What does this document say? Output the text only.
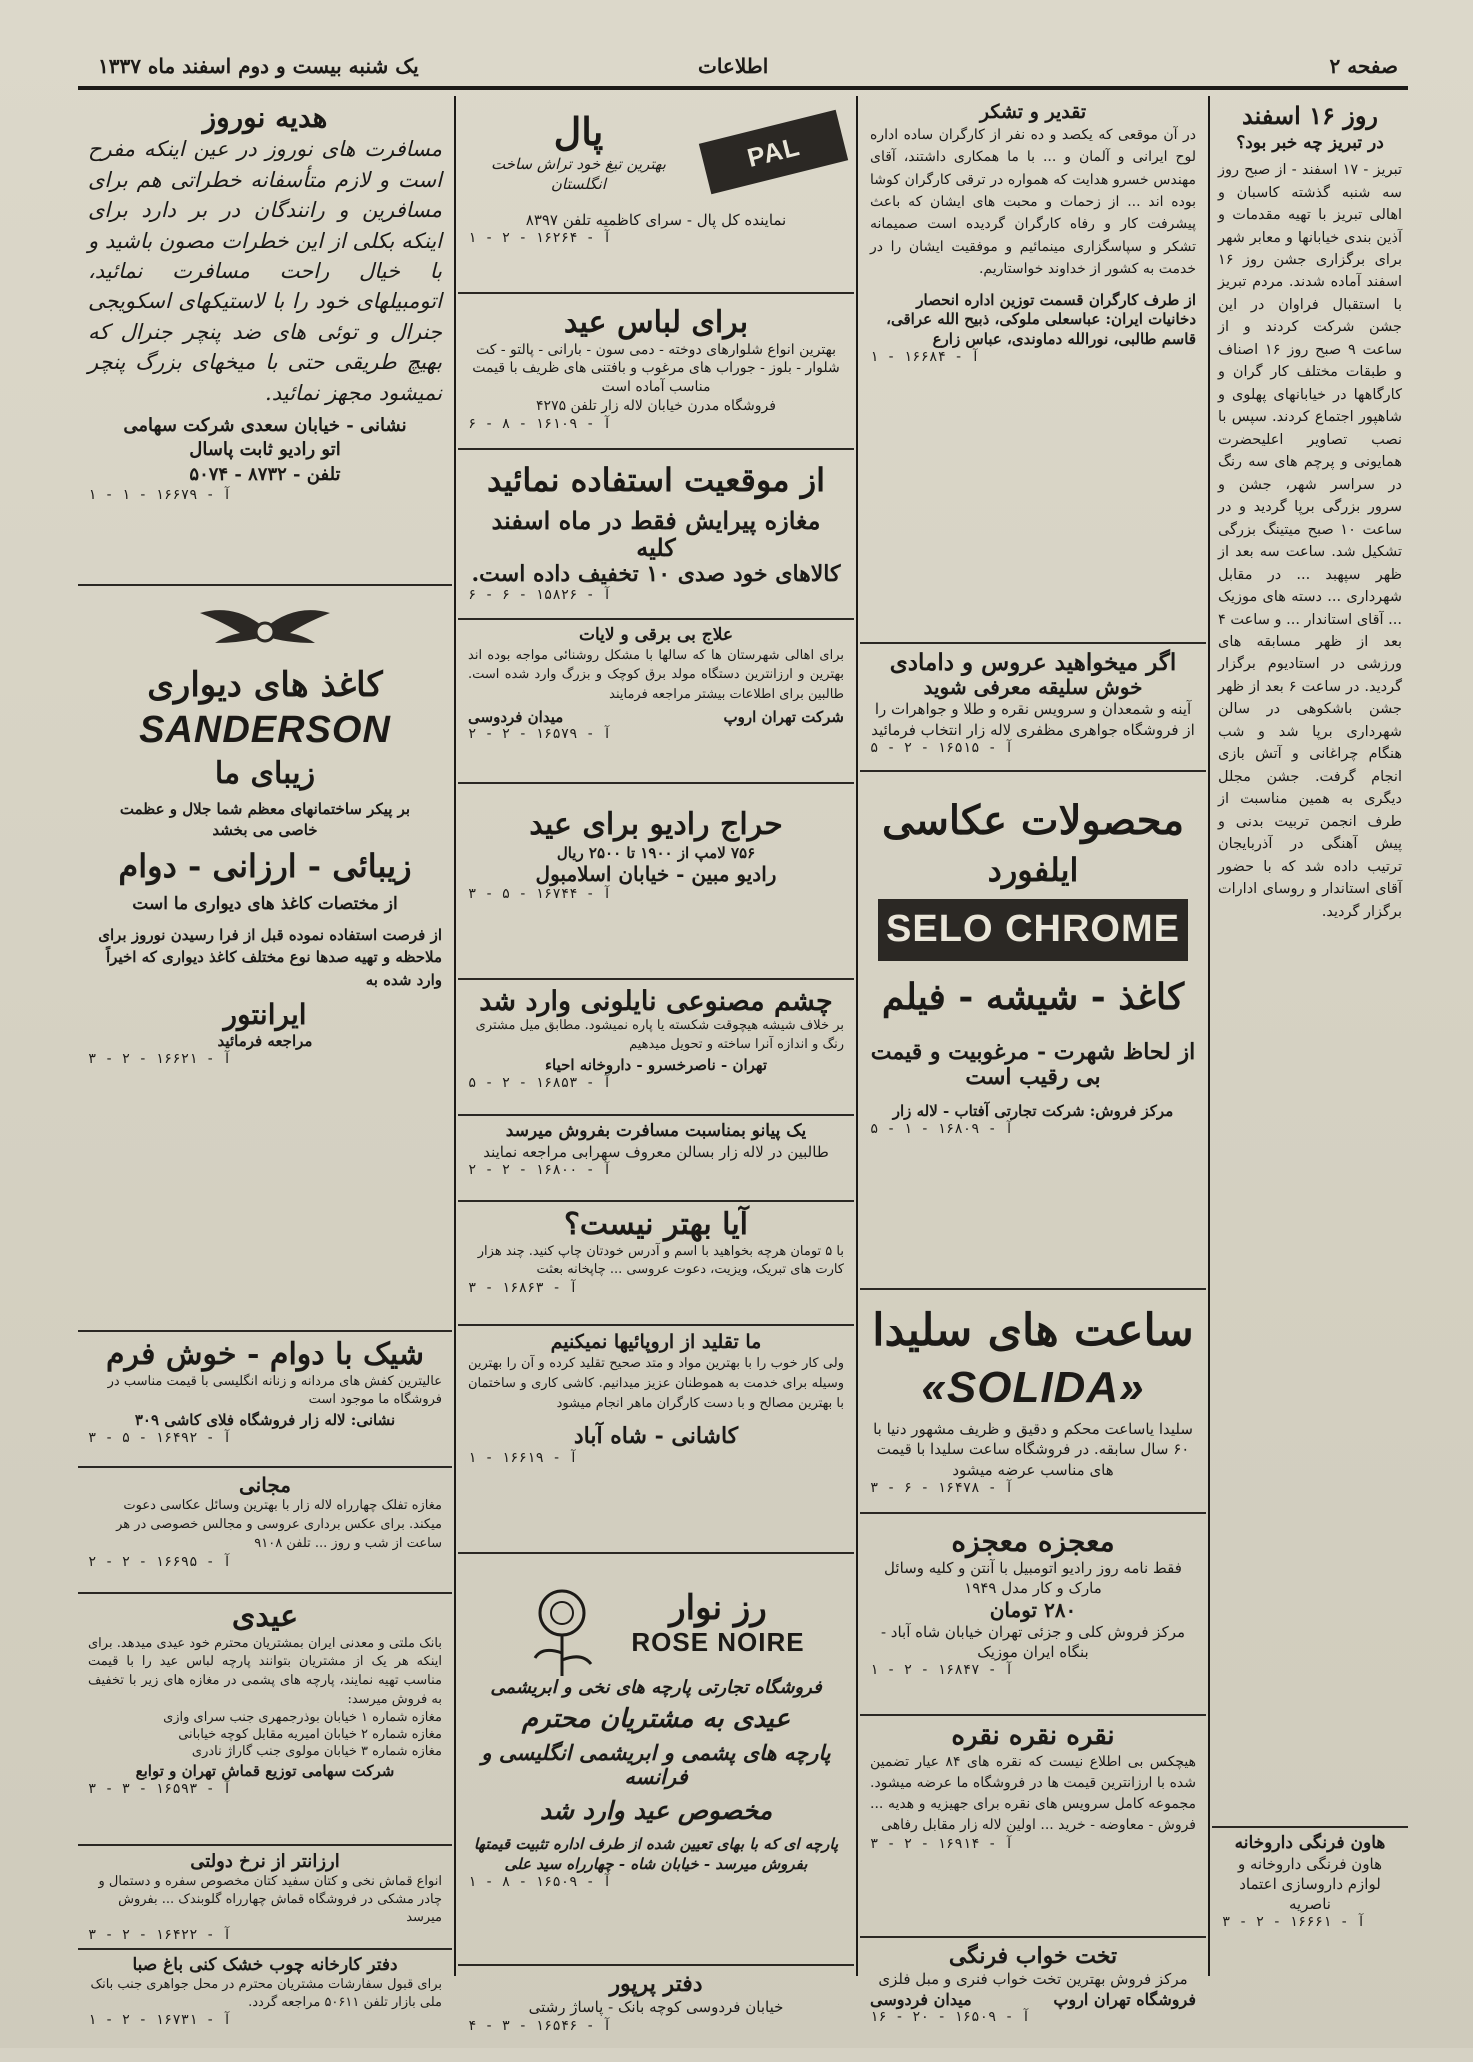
یک شنبه بیست و دوم اسفند ماه ۱۳۳۷	اطلاعات	صفحه ۲
روز ۱۶ اسفند
در تبریز چه خبر بود؟
تبریز - ۱۷ اسفند - از صبح روز سه شنبه گذشته کاسبان و اهالی تبریز با تهیه مقدمات و آذین بندی خیابانها و معابر شهر برای برگزاری جشن روز ۱۶ اسفند آماده شدند. مردم تبریز با استقبال فراوان در این جشن شرکت کردند و از ساعت ۹ صبح روز ۱۶ اصناف و طبقات مختلف کار گران و کارگاهها در خیابانهای پهلوی و شاهپور اجتماع کردند. سپس با نصب تصاویر اعلیحضرت همایونی و پرچم های سه رنگ در سراسر شهر، جشن و سرور بزرگی برپا گردید و در ساعت ۱۰ صبح میتینگ بزرگی تشکیل شد. ساعت سه بعد از ظهر سپهبد ... در مقابل شهرداری ... دسته های موزیک ... آقای استاندار ... و ساعت ۴ بعد از ظهر مسابقه های ورزشی در استادیوم برگزار گردید. در ساعت ۶ بعد از ظهر جشن باشکوهی در سالن شهرداری برپا شد و شب هنگام چراغانی و آتش بازی انجام گرفت. جشن مجلل دیگری به همین مناسبت از طرف انجمن تربیت بدنی و پیش آهنگی در آذربایجان ترتیب داده شد که با حضور آقای استاندار و روسای ادارات برگزار گردید.
هاون فرنگی داروخانه
هاون فرنگی داروخانه و لوازم داروسازی اعتماد ناصریه
آ - ۱۶۶۶۱ - ۲ - ۳
تقدیر و تشکر
در آن موقعی که یکصد و ده نفر از کارگران ساده اداره لوح ایرانی و آلمان و ... با ما همکاری داشتند، آقای مهندس خسرو هدایت که همواره در ترقی کارگران کوشا بوده اند ... از زحمات و محبت های ایشان که باعث پیشرفت کار و رفاه کارگران گردیده است صمیمانه تشکر و سپاسگزاری مینمائیم و موفقیت ایشان را در خدمت به کشور از خداوند خواستاریم.
از طرف کارگران قسمت توزین اداره انحصار دخانیات ایران: عباسعلی ملوکی، ذبیح الله عراقی، قاسم طالبی، نورالله دماوندی، عباس زارع
آ - ۱۶۶۸۴ - ۱
اگر میخواهید عروس و دامادی
خوش سلیقه معرفی شوید
آینه و شمعدان و سرویس نقره و طلا و جواهرات را از فروشگاه جواهری مظفری لاله زار انتخاب فرمائید
آ - ۱۶۵۱۵ - ۲ - ۵
محصولات عکاسی
ایلفورد
SELO CHROME
کاغذ - شیشه - فیلم
از لحاظ شهرت - مرغوبیت و قیمت
بی رقیب است
مرکز فروش: شرکت تجارتی آفتاب - لاله زار
آ - ۱۶۸۰۹ - ۱ - ۵
ساعت های سلیدا
«SOLIDA»
سلیدا یاساعت محکم و دقیق و ظریف مشهور دنیا با ۶۰ سال سابقه. در فروشگاه ساعت سلیدا با قیمت های مناسب عرضه میشود
آ - ۱۶۴۷۸ - ۶ - ۳
معجزه معجزه
فقط نامه روز رادیو اتومبیل با آنتن و کلیه وسائل مارک و کار مدل ۱۹۴۹
۲۸۰ تومان
مرکز فروش کلی و جزئی تهران خیابان شاه آباد - بنگاه ایران موزیک
آ - ۱۶۸۴۷ - ۲ - ۱
نقره نقره نقره
هیچکس بی اطلاع نیست که نقره های ۸۴ عیار تضمین شده با ارزانترین قیمت ها در فروشگاه ما عرضه میشود. مجموعه کامل سرویس های نقره برای جهیزیه و هدیه ... فروش - معاوضه - خرید ... اولین لاله زار مقابل رفاهی
آ - ۱۶۹۱۴ - ۲ - ۳
تخت خواب فرنگی
مرکز فروش بهترین تخت خواب فنری و مبل فلزی
فروشگاه تهران اروپ
میدان فردوسی
آ - ۱۶۵۰۹ - ۲۰ - ۱۶
PAL
پال
بهترین تیغ خود تراش ساخت انگلستان
نماینده کل پال - سرای کاظمیه تلفن ۸۳۹۷
آ - ۱۶۲۶۴ - ۲ - ۱
برای لباس عید
بهترین انواع شلوارهای دوخته - دمی سون - بارانی - پالتو - کت شلوار - بلوز - جوراب های مرغوب و بافتنی های ظریف با قیمت مناسب آماده است
فروشگاه مدرن خیابان لاله زار تلفن ۴۲۷۵
آ - ۱۶۱۰۹ - ۸ - ۶
از موقعیت استفاده نمائید
مغازه پیرایش فقط در ماه اسفند کلیه
کالاهای خود صدی ۱۰ تخفیف داده است.
آ - ۱۵۸۲۶ - ۶ - ۶
علاج بی برقی و لایات
برای اهالی شهرستان ها که سالها با مشکل روشنائی مواجه بوده اند بهترین و ارزانترین دستگاه مولد برق کوچک و بزرگ وارد شده است. طالبین برای اطلاعات بیشتر مراجعه فرمایند
شرکت تهران اروپ
میدان فردوسی
آ - ۱۶۵۷۹ - ۲ - ۲
حراج رادیو برای عید
۷۵۶ لامپ از ۱۹۰۰ تا ۲۵۰۰ ریال
رادیو مبین - خیابان اسلامبول
آ - ۱۶۷۴۴ - ۵ - ۳
چشم مصنوعی نایلونی وارد شد
بر خلاف شیشه هیچوقت شکسته یا پاره نمیشود. مطابق میل مشتری رنگ و اندازه آنرا ساخته و تحویل میدهیم
تهران - ناصرخسرو - داروخانه احیاء
آ - ۱۶۸۵۳ - ۲ - ۵
یک پیانو بمناسبت مسافرت بفروش میرسد
طالبین در لاله زار بسالن معروف سهرابی مراجعه نمایند
آ - ۱۶۸۰۰ - ۲ - ۲
آیا بهتر نیست؟
با ۵ تومان هرچه بخواهید با اسم و آدرس خودتان چاپ کنید. چند هزار کارت های تبریک، ویزیت، دعوت عروسی ... چاپخانه بعثت
آ - ۱۶۸۶۳ - ۳
ما تقلید از اروپائیها نمیکنیم
ولی کار خوب را با بهترین مواد و متد صحیح تقلید کرده و آن را بهترین وسیله برای خدمت به هموطنان عزیز میدانیم. کاشی کاری و ساختمان با بهترین مصالح و با دست کارگران ماهر انجام میشود
کاشانی - شاه آباد
آ - ۱۶۶۱۹ - ۱
رز نوار
ROSE NOIRE
فروشگاه تجارتی پارچه های نخی و ابریشمی
عیدی به مشتریان محترم
پارچه های پشمی و ابریشمی انگلیسی و فرانسه
مخصوص عید وارد شد
پارچه ای که با بهای تعیین شده از طرف اداره تثبیت قیمتها
بفروش میرسد - خیابان شاه - چهارراه سید علی
آ - ۱۶۵۰۹ - ۸ - ۱
دفتر پرپور
خیابان فردوسی کوچه بانک - پاساژ رشتی
آ - ۱۶۵۴۶ - ۳ - ۴
هدیه نوروز
مسافرت های نوروز در عین اینکه مفرح است و لازم متأسفانه خطراتی هم برای مسافرین و رانندگان در بر دارد برای اینکه بکلی از این خطرات مصون باشید و با خیال راحت مسافرت نمائید، اتومبیلهای خود را با لاستیکهای اسکویجی جنرال و توئی های ضد پنچر جنرال که بهیچ طریقی حتی با میخهای بزرگ پنچر نمیشود مجهز نمائید.
نشانی - خیابان سعدی شرکت سهامی
اتو رادیو ثابت پاسال
تلفن - ۸۷۳۲ - ۵۰۷۴
آ - ۱۶۶۷۹ - ۱ - ۱
کاغذ های دیواری
SANDERSON
زیبای ما
بر پیکر ساختمانهای معظم شما جلال و عظمت
خاصی می بخشد
زیبائی - ارزانی - دوام
از مختصات کاغذ های دیواری ما است
از فرصت استفاده نموده قبل از فرا رسیدن نوروز برای ملاحظه و تهیه صدها نوع مختلف کاغذ دیواری که اخیراً وارد شده به
ایرانتور
مراجعه فرمائید
آ - ۱۶۶۲۱ - ۲ - ۳
شیک با دوام - خوش فرم
عالیترین کفش های مردانه و زنانه انگلیسی با قیمت مناسب در فروشگاه ما موجود است
نشانی: لاله زار فروشگاه فلای کاشی ۳۰۹
آ - ۱۶۴۹۲ - ۵ - ۳
مجانی
مغازه تفلک چهارراه لاله زار با بهترین وسائل عکاسی دعوت میکند. برای عکس برداری عروسی و مجالس خصوصی در هر ساعت از شب و روز ... تلفن ۹۱۰۸
آ - ۱۶۶۹۵ - ۲ - ۲
عیدی
بانک ملتی و معدنی ایران بمشتریان محترم خود عیدی میدهد. برای اینکه هر یک از مشتریان بتوانند پارچه لباس عید را با قیمت مناسب تهیه نمایند، پارچه های پشمی در مغازه های زیر با تخفیف به فروش میرسد:
مغازه شماره ۱ خیابان بوذرجمهری جنب سرای وازی
مغازه شماره ۲ خیابان امیریه مقابل کوچه خیابانی
مغازه شماره ۳ خیابان مولوی جنب گاراژ نادری
شرکت سهامی توزیع قماش تهران و توابع
آ - ۱۶۵۹۳ - ۳ - ۳
ارزانتر از نرخ دولتی
انواع قماش نخی و کتان سفید کتان مخصوص سفره و دستمال و چادر مشکی در فروشگاه قماش چهارراه گلوبندک ... بفروش میرسد
آ - ۱۶۴۲۲ - ۲ - ۳
دفتر کارخانه چوب خشک کنی باغ صبا
برای قبول سفارشات مشتریان محترم در محل جواهری جنب بانک ملی بازار تلفن ۵۰۶۱۱ مراجعه گردد.
آ - ۱۶۷۳۱ - ۲ - ۱
